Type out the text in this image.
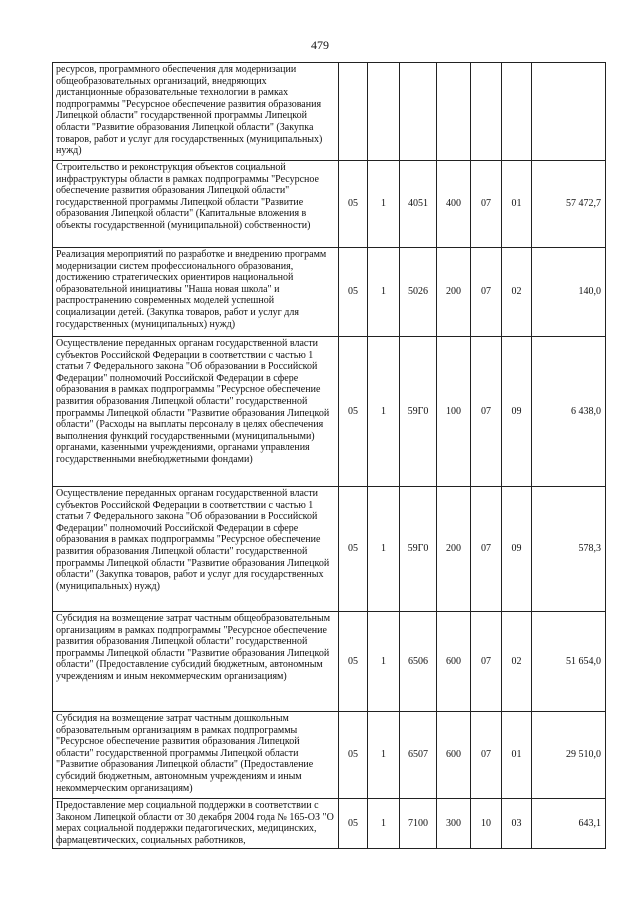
479
ресурсов, программного обеспечения для модернизации общеобразовательных организаций, внедряющих дистанционные образовательные технологии в рамках подпрограммы "Ресурсное обеспечение развития образования Липецкой области" государственной программы Липецкой области "Развитие образования Липецкой области" (Закупка товаров, работ и услуг для государственных (муниципальных) нужд)							
Строительство и реконструкция объектов социальной инфраструктуры области в рамках подпрограммы "Ресурсное обеспечение развития образования Липецкой области" государственной программы Липецкой области "Развитие образования Липецкой области" (Капитальные вложения в объекты государственной (муниципальной) собственности)	05	1	4051	400	07	01	57 472,7
Реализация мероприятий по разработке и внедрению программ модернизации систем профессионального образования, достижению стратегических ориентиров национальной образовательной инициативы "Наша новая школа" и распространению современных моделей успешной социализации детей. (Закупка товаров, работ и услуг для государственных (муниципальных) нужд)	05	1	5026	200	07	02	140,0
Осуществление переданных органам государственной власти субъектов Российской Федерации в соответствии с частью 1 статьи 7 Федерального закона "Об образовании в Российской Федерации" полномочий Российской Федерации в сфере образования в рамках подпрограммы "Ресурсное обеспечение развития образования Липецкой области" государственной программы Липецкой области "Развитие образования Липецкой области" (Расходы на выплаты персоналу в целях обеспечения выполнения функций государственными (муниципальными) органами, казенными учреждениями, органами управления государственными внебюджетными фондами)	05	1	59Г0	100	07	09	6 438,0
Осуществление переданных органам государственной власти субъектов Российской Федерации в соответствии с частью 1 статьи 7 Федерального закона "Об образовании в Российской Федерации" полномочий Российской Федерации в сфере образования в рамках подпрограммы "Ресурсное обеспечение развития образования Липецкой области" государственной программы Липецкой области "Развитие образования Липецкой области" (Закупка товаров, работ и услуг для государственных (муниципальных) нужд)	05	1	59Г0	200	07	09	578,3
Субсидия на возмещение затрат частным общеобразовательным организациям в рамках подпрограммы "Ресурсное обеспечение развития образования Липецкой области" государственной программы Липецкой области "Развитие образования Липецкой области" (Предоставление субсидий бюджетным, автономным учреждениям и иным некоммерческим организациям)	05	1	6506	600	07	02	51 654,0
Субсидия на возмещение затрат частным дошкольным образовательным организациям в рамках подпрограммы "Ресурсное обеспечение развития образования Липецкой области" государственной программы Липецкой области "Развитие образования Липецкой области" (Предоставление субсидий бюджетным, автономным учреждениям и иным некоммерческим организациям)	05	1	6507	600	07	01	29 510,0
Предоставление мер социальной поддержки в соответствии с Законом Липецкой области от 30 декабря 2004 года № 165-ОЗ "О мерах социальной поддержки педагогических, медицинских, фармацевтических, социальных работников,	05	1	7100	300	10	03	643,1
